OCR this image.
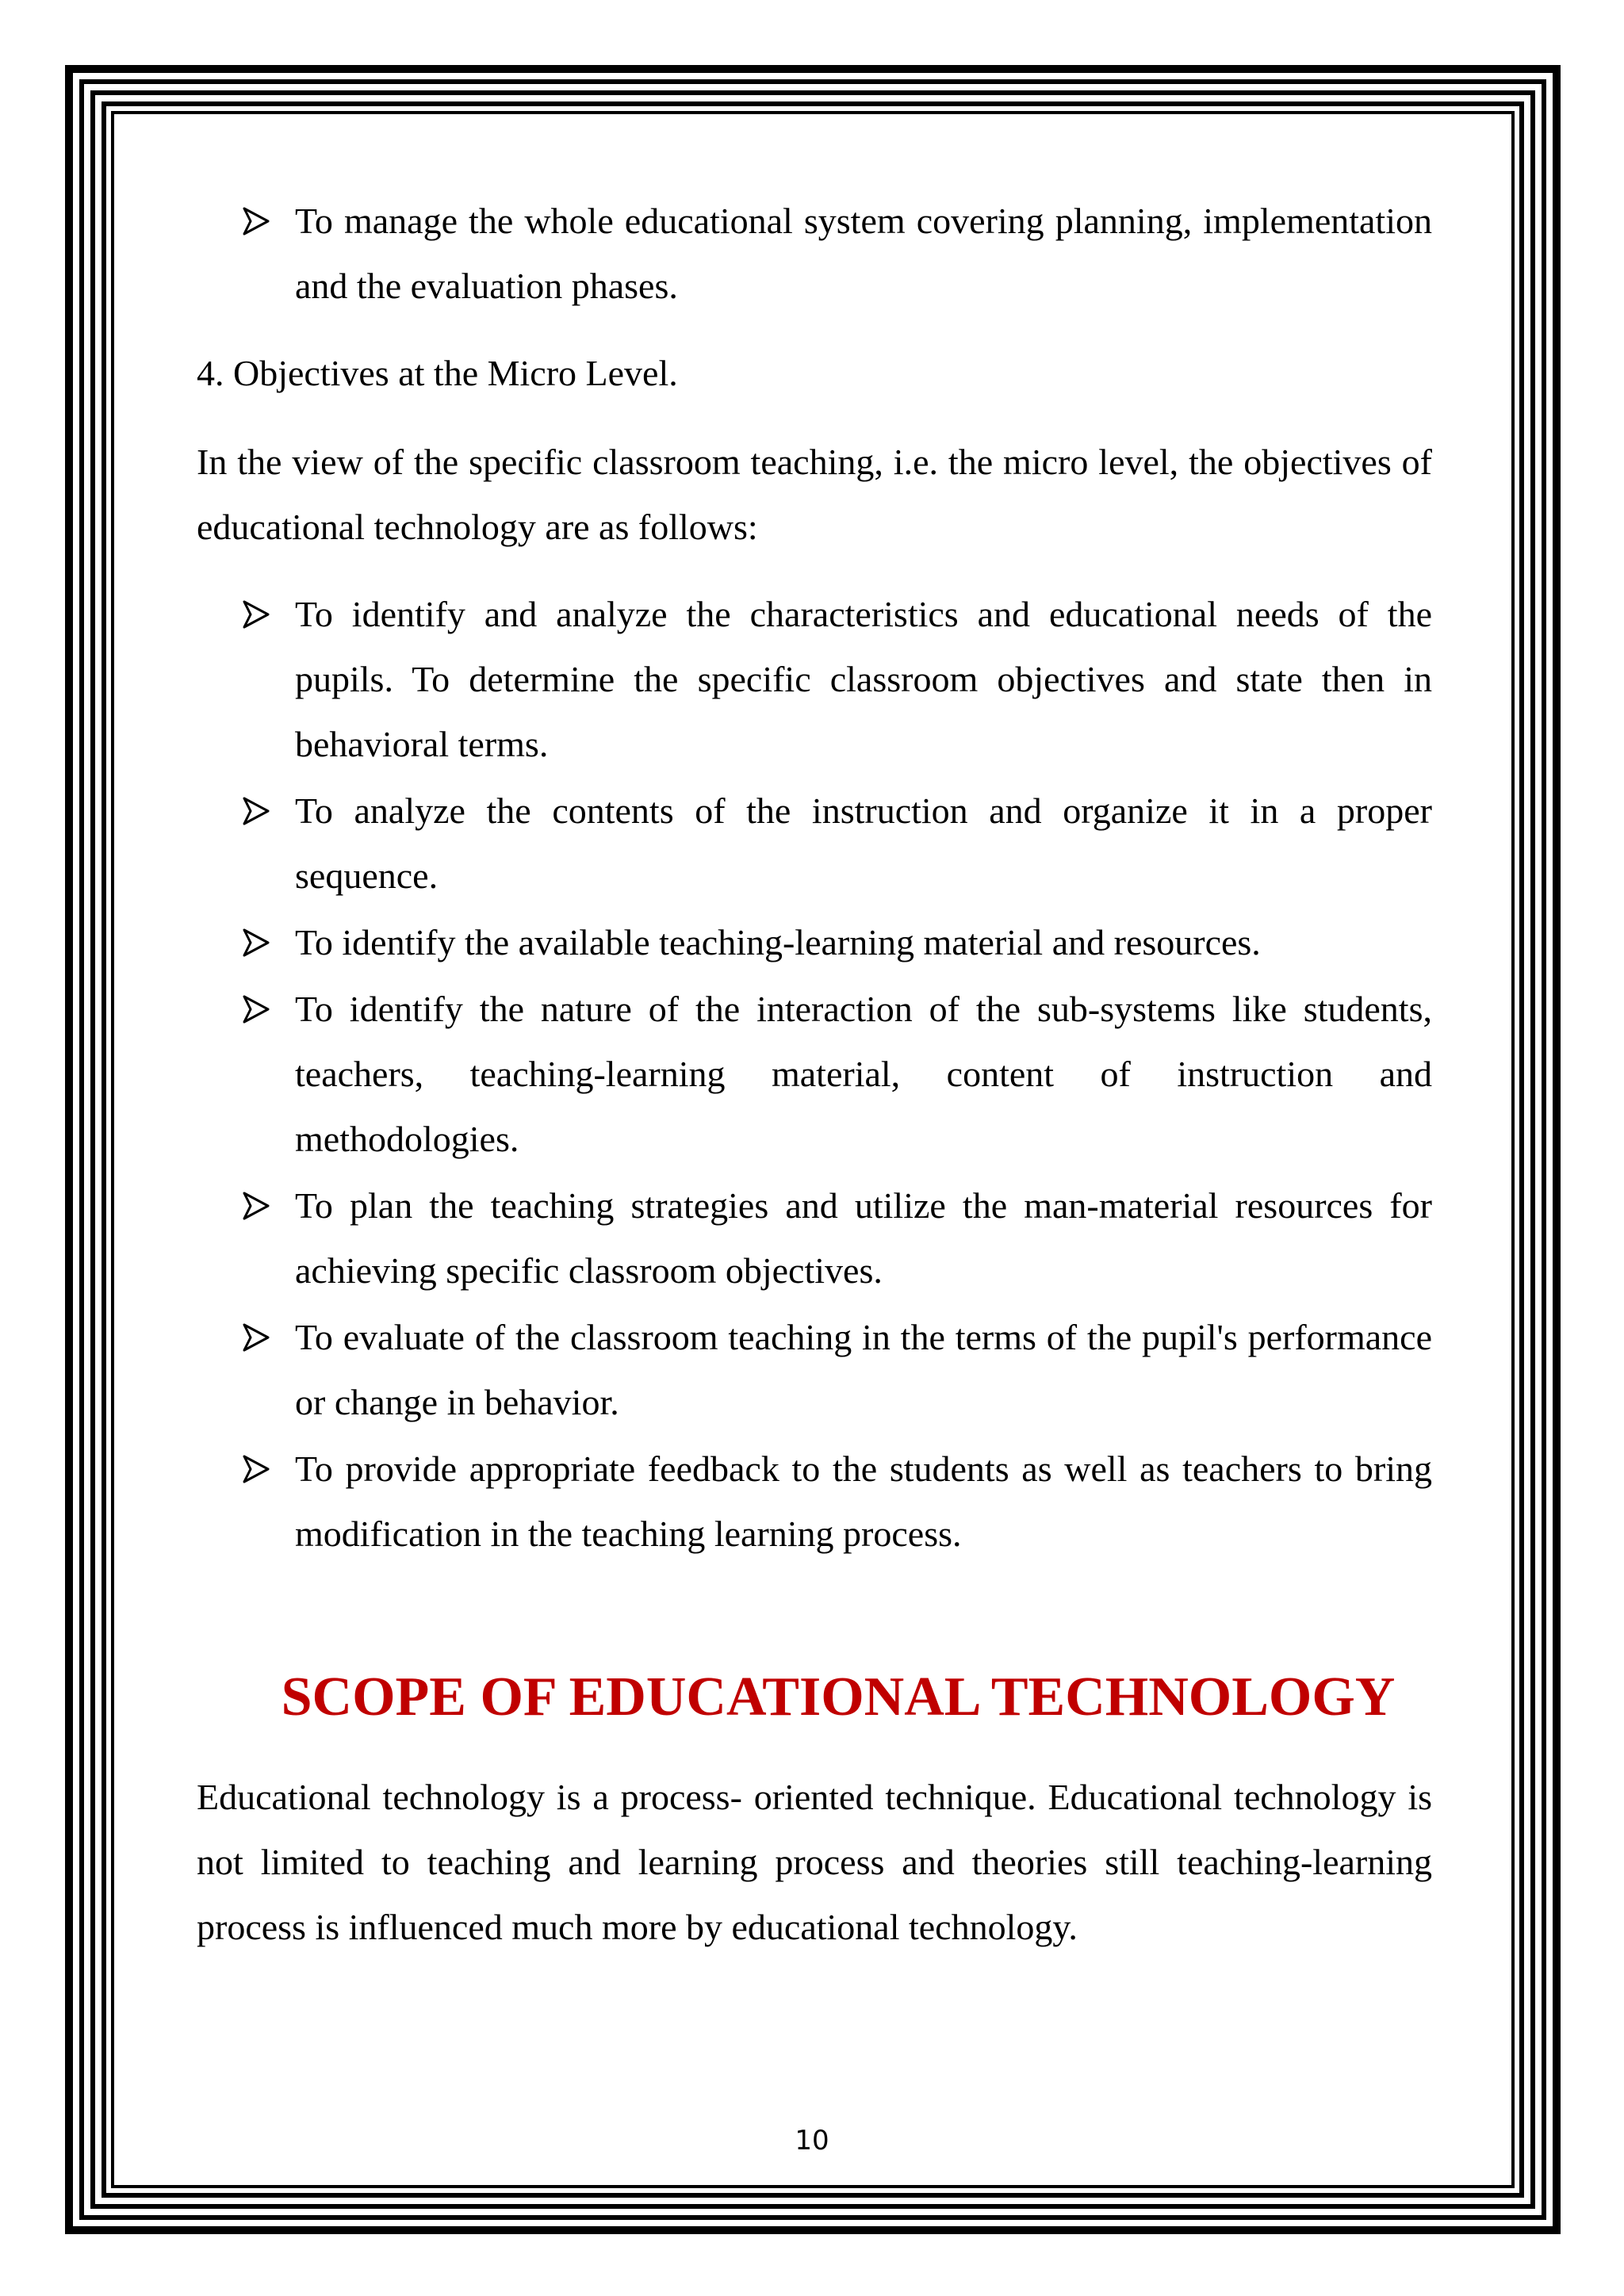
To manage the whole educational system covering planning, implementation and the evaluation phases.

4. Objectives at the Micro Level.

In the view of the specific classroom teaching, i.e. the micro level, the objectives of educational technology are as follows:

To identify and analyze the characteristics and educational needs of the pupils. To determine the specific classroom objectives and state then in behavioral terms.
To analyze the contents of the instruction and organize it in a proper sequence.
To identify the available teaching-learning material and resources.
To identify the nature of the interaction of the sub-systems like students, teachers, teaching-learning material, content of instruction and methodologies.
To plan the teaching strategies and utilize the man-material resources for achieving specific classroom objectives.
To evaluate of the classroom teaching in the terms of the pupil's performance or change in behavior.
To provide appropriate feedback to the students as well as teachers to bring modification in the teaching learning process.
SCOPE OF EDUCATIONAL TECHNOLOGY

Educational technology is a process- oriented technique. Educational technology is not limited to teaching and learning process and theories still teaching-learning process is influenced much more by educational technology.

10
